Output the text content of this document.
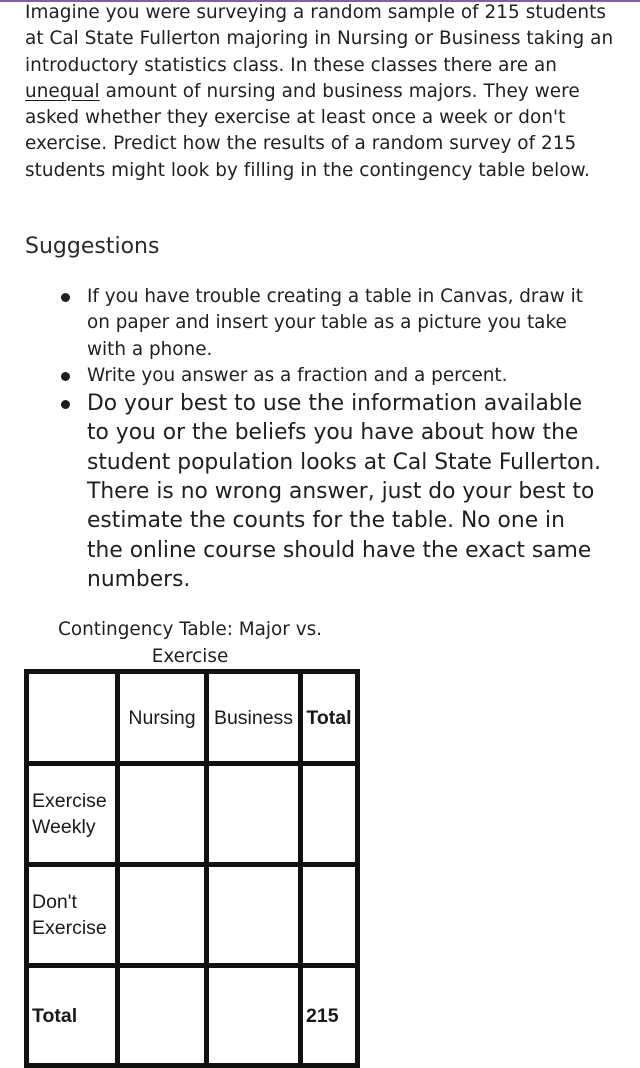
Imagine you were surveying a random sample of 215 students at Cal State Fullerton majoring in Nursing or Business taking an introductory statistics class. In these classes there are an unequal amount of nursing and business majors. They were asked whether they exercise at least once a week or don't exercise. Predict how the results of a random survey of 215 students might look by filling in the contingency table below.

Suggestions
If you have trouble creating a table in Canvas, draw it on paper and insert your table as a picture you take with a phone.
Write you answer as a fraction and a percent.
Do your best to use the information available to you or the beliefs you have about how the student population looks at Cal State Fullerton. There is no wrong answer, just do your best to estimate the counts for the table. No one in the online course should have the exact same numbers.

Contingency Table: Major vs. Exercise

	Nursing	Business	Total
Exercise Weekly			
Don't Exercise			
Total			215
